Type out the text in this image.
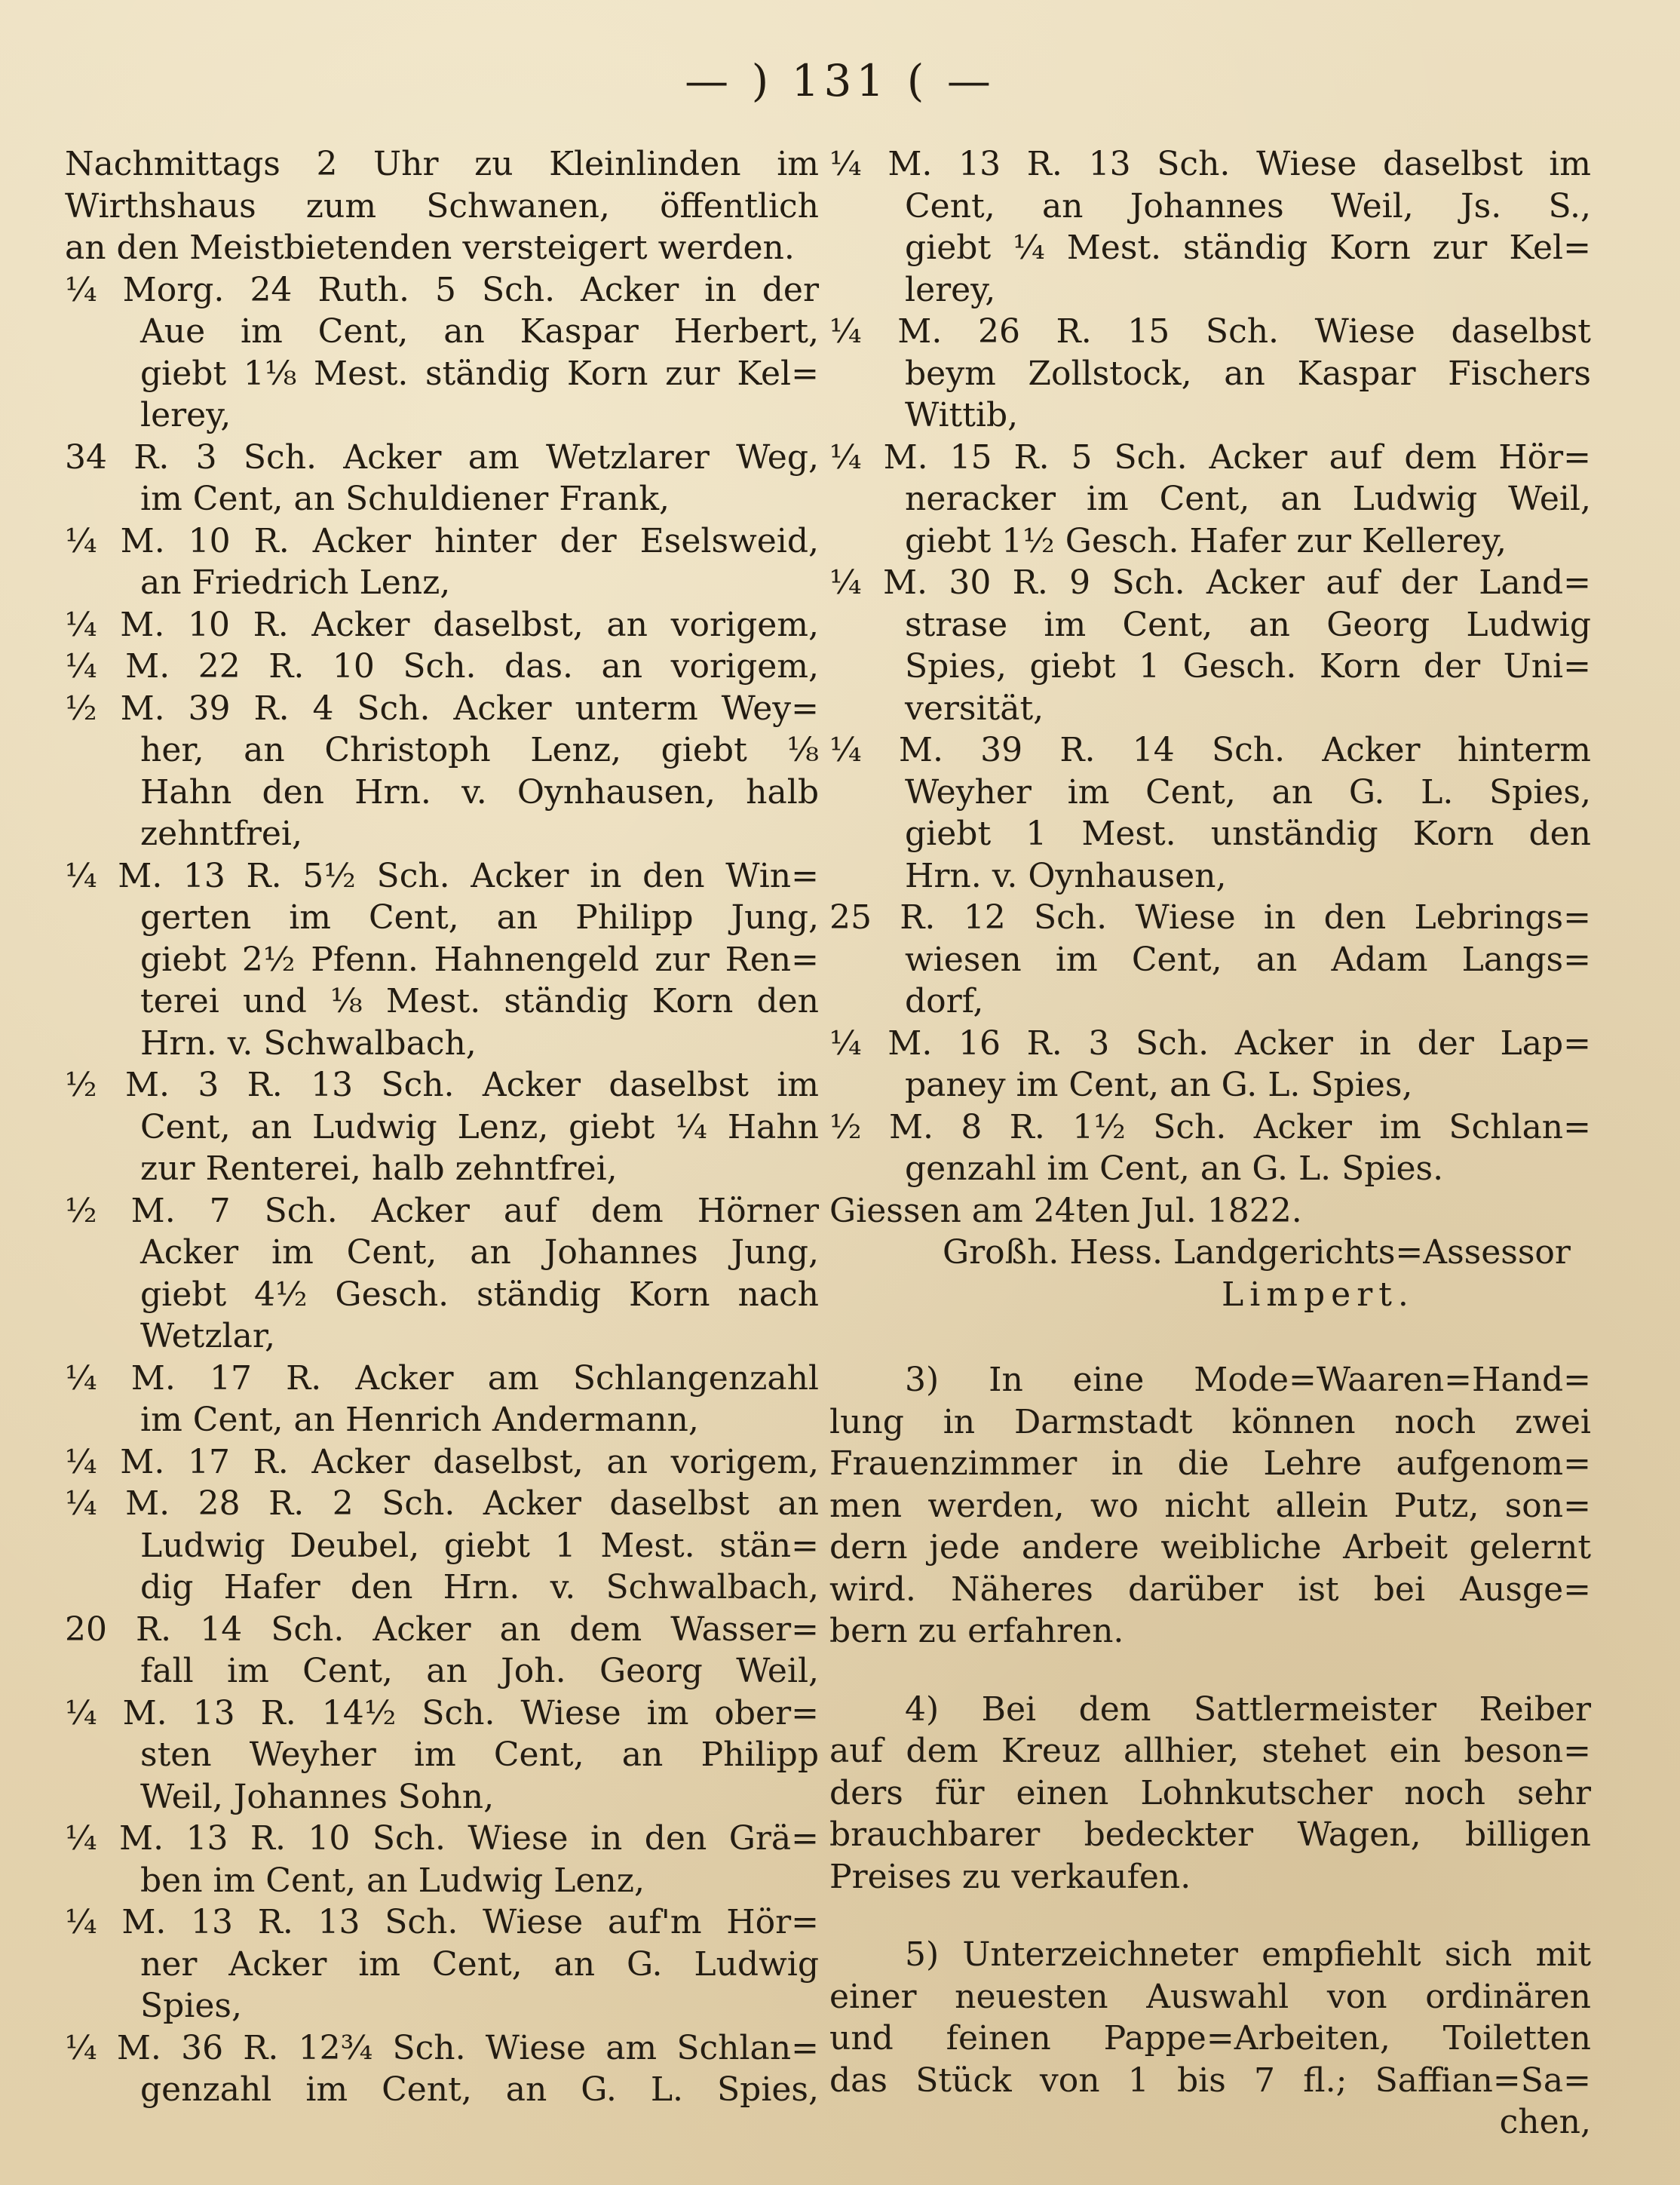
— ) 131 ( —
Nachmittags 2 Uhr zu Kleinlinden im
Wirthshaus zum Schwanen, öffentlich
an den Meistbietenden versteigert werden.
¼ Morg. 24 Ruth. 5 Sch. Acker in der
Aue im Cent, an Kaspar Herbert,
giebt 1⅛ Mest. ständig Korn zur Kel=
lerey,
34 R. 3 Sch. Acker am Wetzlarer Weg,
im Cent, an Schuldiener Frank,
¼ M. 10 R. Acker hinter der Eselsweid,
an Friedrich Lenz,
¼ M. 10 R. Acker daselbst, an vorigem,
¼ M. 22 R. 10 Sch. das. an vorigem,
½ M. 39 R. 4 Sch. Acker unterm Wey=
her, an Christoph Lenz, giebt ⅛
Hahn den Hrn. v. Oynhausen, halb
zehntfrei,
¼ M. 13 R. 5½ Sch. Acker in den Win=
gerten im Cent, an Philipp Jung,
giebt 2½ Pfenn. Hahnengeld zur Ren=
terei und ⅛ Mest. ständig Korn den
Hrn. v. Schwalbach,
½ M. 3 R. 13 Sch. Acker daselbst im
Cent, an Ludwig Lenz, giebt ¼ Hahn
zur Renterei, halb zehntfrei,
½ M. 7 Sch. Acker auf dem Hörner
Acker im Cent, an Johannes Jung,
giebt 4½ Gesch. ständig Korn nach
Wetzlar,
¼ M. 17 R. Acker am Schlangenzahl
im Cent, an Henrich Andermann,
¼ M. 17 R. Acker daselbst, an vorigem,
¼ M. 28 R. 2 Sch. Acker daselbst an
Ludwig Deubel, giebt 1 Mest. stän=
dig Hafer den Hrn. v. Schwalbach,
20 R. 14 Sch. Acker an dem Wasser=
fall im Cent, an Joh. Georg Weil,
¼ M. 13 R. 14½ Sch. Wiese im ober=
sten Weyher im Cent, an Philipp
Weil, Johannes Sohn,
¼ M. 13 R. 10 Sch. Wiese in den Grä=
ben im Cent, an Ludwig Lenz,
¼ M. 13 R. 13 Sch. Wiese auf'm Hör=
ner Acker im Cent, an G. Ludwig
Spies,
¼ M. 36 R. 12¾ Sch. Wiese am Schlan=
genzahl im Cent, an G. L. Spies,
¼ M. 13 R. 13 Sch. Wiese daselbst im
Cent, an Johannes Weil, Js. S.,
giebt ¼ Mest. ständig Korn zur Kel=
lerey,
¼ M. 26 R. 15 Sch. Wiese daselbst
beym Zollstock, an Kaspar Fischers
Wittib,
¼ M. 15 R. 5 Sch. Acker auf dem Hör=
neracker im Cent, an Ludwig Weil,
giebt 1½ Gesch. Hafer zur Kellerey,
¼ M. 30 R. 9 Sch. Acker auf der Land=
strase im Cent, an Georg Ludwig
Spies, giebt 1 Gesch. Korn der Uni=
versität,
¼ M. 39 R. 14 Sch. Acker hinterm
Weyher im Cent, an G. L. Spies,
giebt 1 Mest. unständig Korn den
Hrn. v. Oynhausen,
25 R. 12 Sch. Wiese in den Lebrings=
wiesen im Cent, an Adam Langs=
dorf,
¼ M. 16 R. 3 Sch. Acker in der Lap=
paney im Cent, an G. L. Spies,
½ M. 8 R. 1½ Sch. Acker im Schlan=
genzahl im Cent, an G. L. Spies.
Giessen am 24ten Jul. 1822.
Großh. Hess. Landgerichts=Assessor
Limpert.
3) In eine Mode=Waaren=Hand=
lung in Darmstadt können noch zwei
Frauenzimmer in die Lehre aufgenom=
men werden, wo nicht allein Putz, son=
dern jede andere weibliche Arbeit gelernt
wird. Näheres darüber ist bei Ausge=
bern zu erfahren.
4) Bei dem Sattlermeister Reiber
auf dem Kreuz allhier, stehet ein beson=
ders für einen Lohnkutscher noch sehr
brauchbarer bedeckter Wagen, billigen
Preises zu verkaufen.
5) Unterzeichneter empfiehlt sich mit
einer neuesten Auswahl von ordinären
und feinen Pappe=Arbeiten, Toiletten
das Stück von 1 bis 7 fl.; Saffian=Sa=
chen,
